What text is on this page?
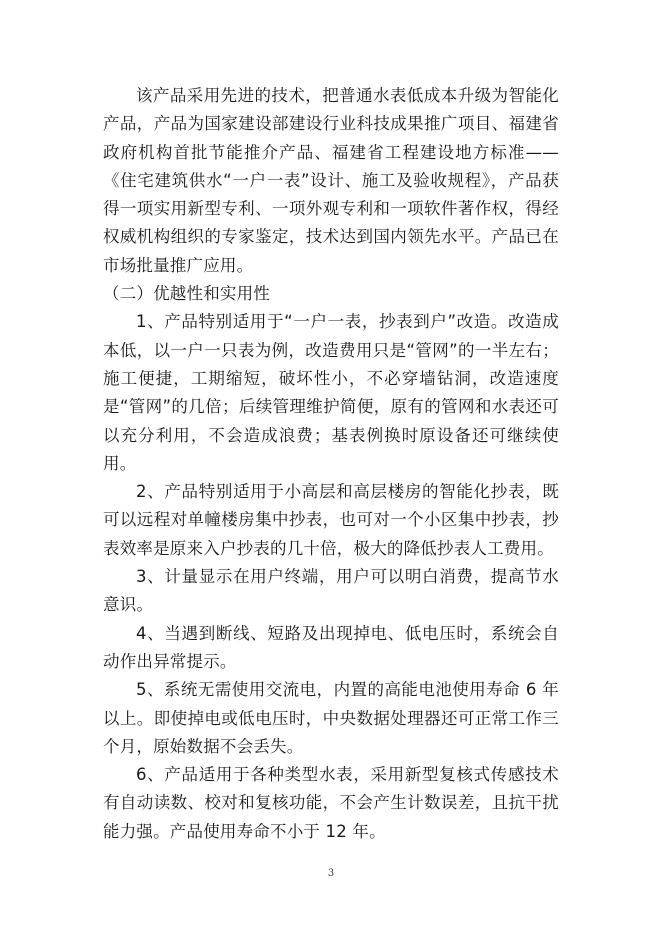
该产品采用先进的技术，把普通水表低成本升级为智能化产品，产品为国家建设部建设行业科技成果推广项目、福建省政府机构首批节能推介产品、福建省工程建设地方标准——《住宅建筑供水“一户一表”设计、施工及验收规程》，产品获得一项实用新型专利、一项外观专利和一项软件著作权，得经权威机构组织的专家鉴定，技术达到国内领先水平。产品已在市场批量推广应用。

（二）优越性和实用性

1、产品特别适用于“一户一表，抄表到户”改造。改造成本低，以一户一只表为例，改造费用只是“管网”的一半左右；施工便捷，工期缩短，破坏性小，不必穿墙钻洞，改造速度是“管网”的几倍；后续管理维护简便，原有的管网和水表还可以充分利用，不会造成浪费；基表例换时原设备还可继续使用。

2、产品特别适用于小高层和高层楼房的智能化抄表，既可以远程对单幢楼房集中抄表，也可对一个小区集中抄表，抄表效率是原来入户抄表的几十倍，极大的降低抄表人工费用。

3、计量显示在用户终端，用户可以明白消费，提高节水意识。

4、当遇到断线、短路及出现掉电、低电压时，系统会自动作出异常提示。

5、系统无需使用交流电，内置的高能电池使用寿命 6 年以上。即使掉电或低电压时，中央数据处理器还可正常工作三个月，原始数据不会丢失。

6、产品适用于各种类型水表，采用新型复核式传感技术有自动读数、校对和复核功能，不会产生计数误差，且抗干扰能力强。产品使用寿命不小于 12 年。

3
